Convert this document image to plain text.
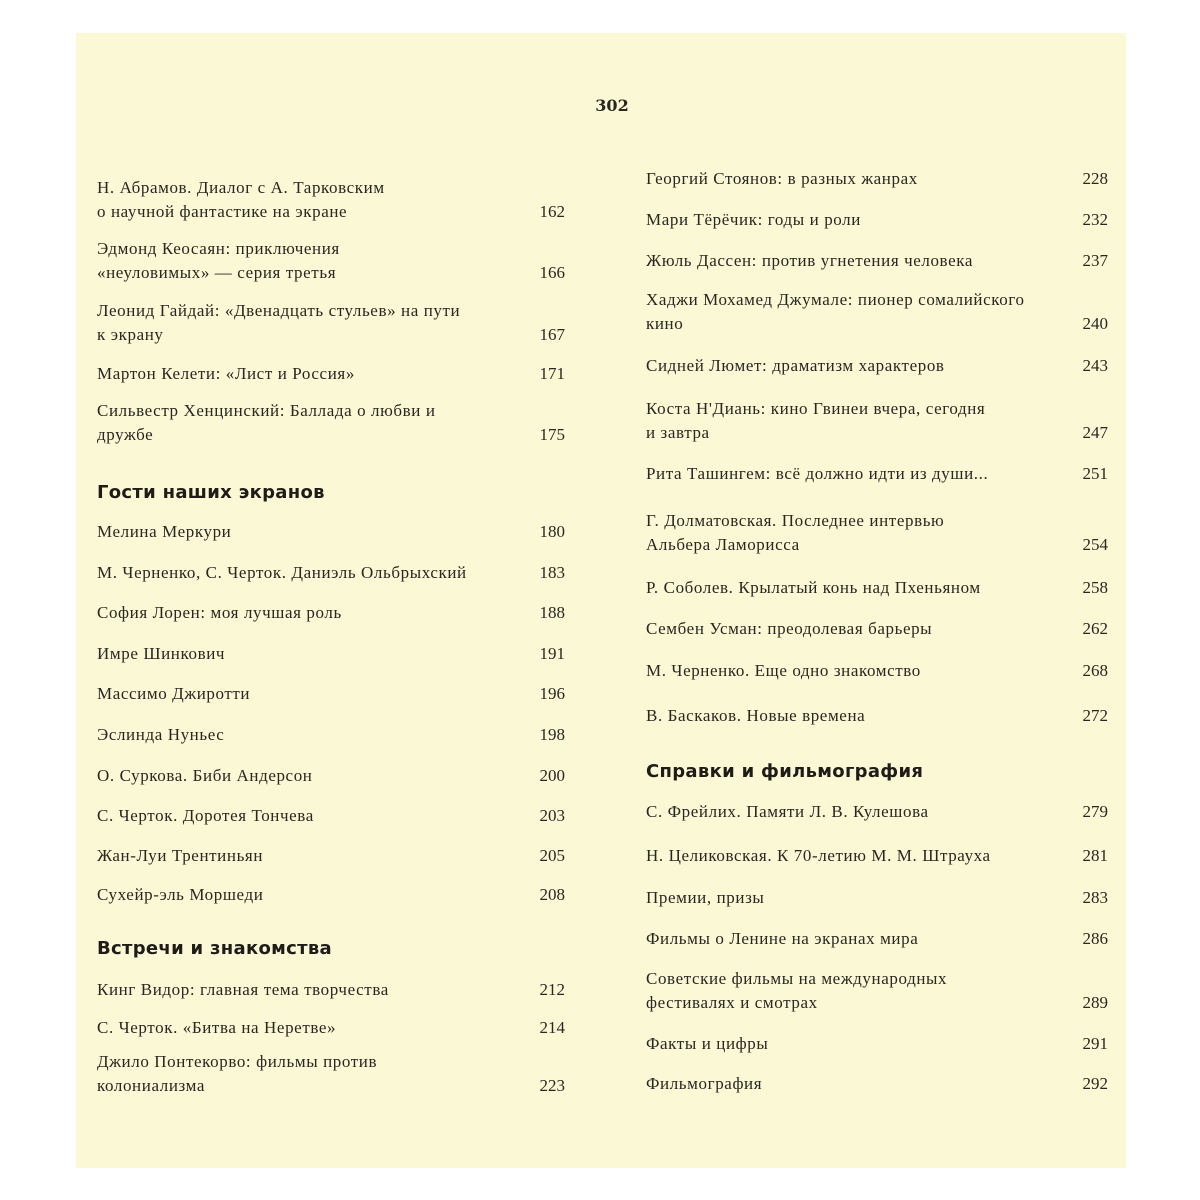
302
Н. Абрамов. Диалог с А. Тарковским
о научной фантастике на экране	162
Эдмонд Кеосаян: приключения
«неуловимых» — серия третья	166
Леонид Гайдай: «Двенадцать стульев» на пути
к экрану	167
Мартон Келети: «Лист и Россия»	171
Сильвестр Хенцинский: Баллада о любви и
дружбе	175
Гости наших экранов
Мелина Меркури	180
М. Черненко, С. Черток. Даниэль Ольбрыхский	183
София Лорен: моя лучшая роль	188
Имре Шинкович	191
Массимо Джиротти	196
Эслинда Нуньес	198
О. Суркова. Биби Андерсон	200
С. Черток. Доротея Тончева	203
Жан-Луи Трентиньян	205
Сухейр-эль Моршеди	208
Встречи и знакомства
Кинг Видор: главная тема творчества	212
С. Черток. «Битва на Неретве»	214
Джило Понтекорво: фильмы против
колониализма	223
Георгий Стоянов: в разных жанрах	228
Мари Тёрёчик: годы и роли	232
Жюль Дассен: против угнетения человека	237
Хаджи Мохамед Джумале: пионер сомалийского
кино	240
Сидней Люмет: драматизм характеров	243
Коста Н'Диань: кино Гвинеи вчера, сегодня
и завтра	247
Рита Ташингем: всё должно идти из души...	251
Г. Долматовская. Последнее интервью
Альбера Ламорисса	254
Р. Соболев. Крылатый конь над Пхеньяном	258
Сембен Усман: преодолевая барьеры	262
М. Черненко. Еще одно знакомство	268
В. Баскаков. Новые времена	272
Справки и фильмография
С. Фрейлих. Памяти Л. В. Кулешова	279
Н. Целиковская. К 70-летию М. М. Штрауха	281
Премии, призы	283
Фильмы о Ленине на экранах мира	286
Советские фильмы на международных
фестивалях и смотрах	289
Факты и цифры	291
Фильмография	292
